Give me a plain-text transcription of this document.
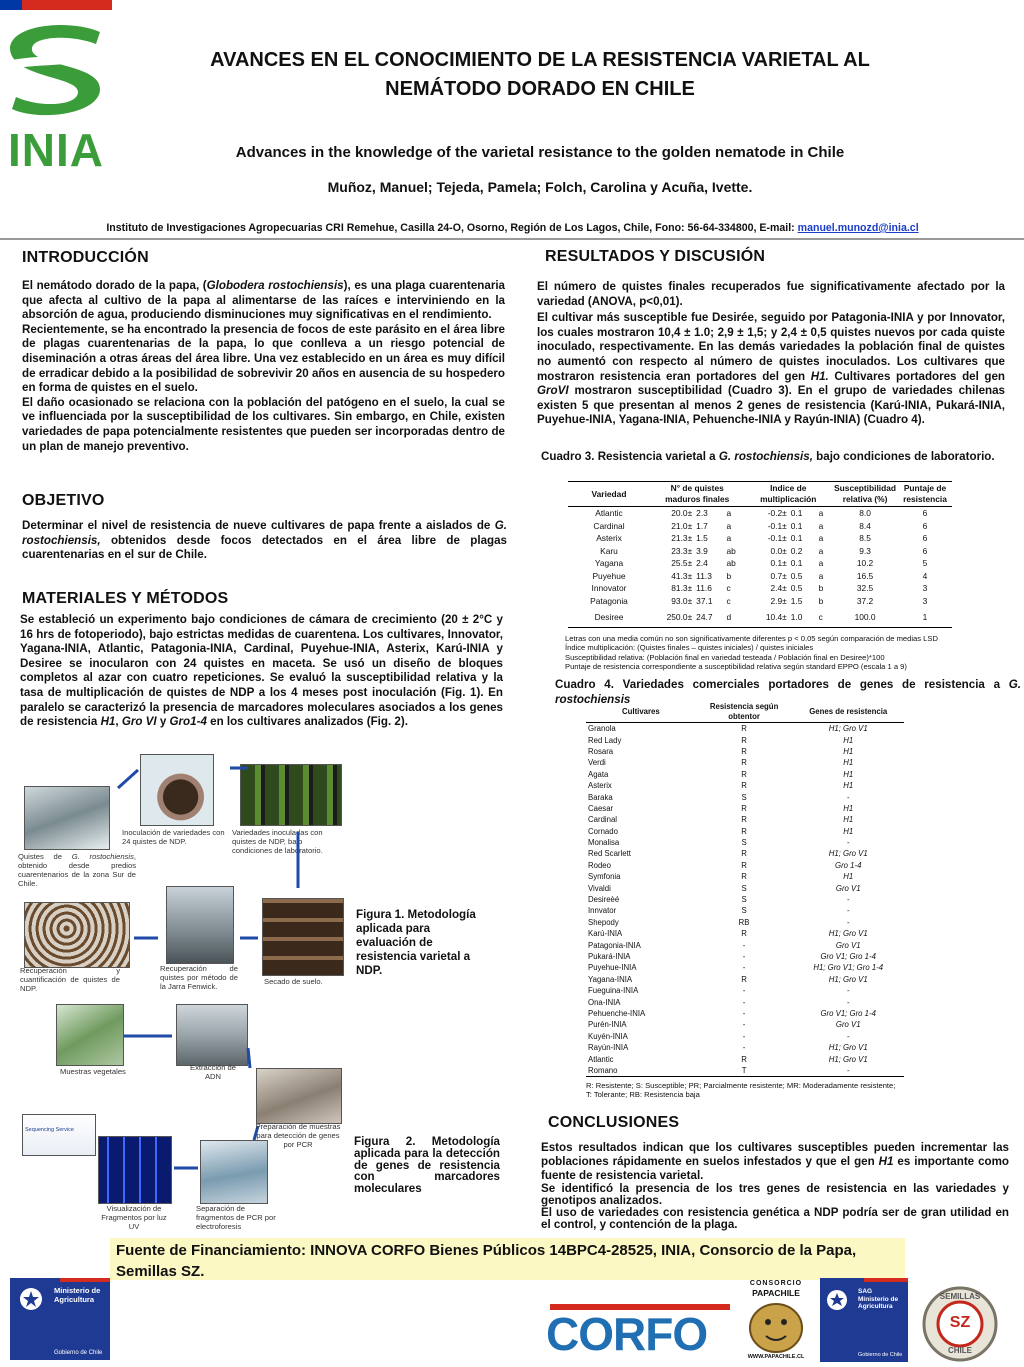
INIA
AVANCES EN EL CONOCIMIENTO DE LA RESISTENCIA VARIETAL AL
NEMÁTODO DORADO EN CHILE
Advances in the knowledge of the varietal resistance to the golden nematode in Chile
Muñoz, Manuel; Tejeda, Pamela; Folch, Carolina y Acuña, Ivette.
Instituto de Investigaciones Agropecuarias CRI Remehue, Casilla 24-O, Osorno, Región de Los Lagos, Chile, Fono: 56-64-334800, E-mail: manuel.munozd@inia.cl
INTRODUCCIÓN

El nemátodo dorado de la papa, (Globodera rostochiensis), es una plaga cuarentenaria que afecta al cultivo de la papa al alimentarse de las raíces e interviniendo en la absorción de agua, produciendo disminuciones muy significativas en el rendimiento.

Recientemente, se ha encontrado la presencia de focos de este parásito en el área libre de plagas cuarentenarias de la papa, lo que conlleva a un riesgo potencial de diseminación a otras áreas del área libre. Una vez establecido en un área es muy difícil de erradicar debido a la posibilidad de sobrevivir 20 años en ausencia de su hospedero en forma de quistes en el suelo.

El daño ocasionado se relaciona con la población del patógeno en el suelo, la cual se ve influenciada por la susceptibilidad de los cultivares. Sin embargo, en Chile, existen variedades de papa potencialmente resistentes que pueden ser incorporadas dentro de un plan de manejo preventivo.

OBJETIVO
Determinar el nivel de resistencia de nueve cultivares de papa frente a aislados de G. rostochiensis, obtenidos desde focos detectados en el área libre de plagas cuarentenarias en el sur de Chile.
MATERIALES Y MÉTODOS
Se estableció un experimento bajo condiciones de cámara de crecimiento (20 ± 2°C y 16 hrs de fotoperiodo), bajo estrictas medidas de cuarentena. Los cultivares, Innovator, Yagana-INIA, Atlantic, Patagonia-INIA, Cardinal, Puyehue-INIA, Asterix, Karú-INIA y Desiree se inocularon con 24 quistes en maceta. Se usó un diseño de bloques completos al azar con cuatro repeticiones. Se evaluó la susceptibilidad relativa y la tasa de multiplicación de quistes de NDP a los 4 meses post inoculación (Fig. 1). En paralelo se caracterizó la presencia de marcadores moleculares asociados a los genes de resistencia H1, Gro VI y Gro1-4 en los cultivares analizados (Fig. 2).
Sequencing Service
Inoculación de variedades con 24 quistes de NDP.
Variedades inoculadas con quistes de NDP, bajo condiciones de laboratorio.
Quistes de G. rostochiensis, obtenido desde predios cuarentenarios de la zona Sur de Chile.
Recuperación y cuantificación de quistes de NDP.
Recuperación de quistes por método de la Jarra Fenwick.
Secado de suelo.
Muestras vegetales	Extracción de ADN
Preparación de muestras para detección de genes por PCR
Visualización de Fragmentos por luz UV
Separación de fragmentos de PCR por electroforesis
Figura 1. Metodología aplicada para evaluación de resistencia varietal a NDP.
Figura 2. Metodología aplicada para la detección de genes de resistencia con marcadores moleculares
RESULTADOS Y DISCUSIÓN

El número de quistes finales recuperados fue significativamente afectado por la variedad (ANOVA, p<0,01).

El cultivar más susceptible fue Desirée, seguido por Patagonia-INIA y por Innovator, los cuales mostraron 10,4 ± 1.0; 2,9 ± 1,5; y 2,4 ± 0,5 quistes nuevos por cada quiste inoculado, respectivamente. En las demás variedades la población final de quistes no aumentó con respecto al número de quistes inoculados. Los cultivares que mostraron resistencia eran portadores del gen H1. Cultivares portadores del gen GroVI mostraron susceptibilidad (Cuadro 3). En el grupo de variedades chilenas existen 5 que presentan al menos 2 genes de resistencia (Karú-INIA, Pukará-INIA, Puyehue-INIA, Yagana-INIA, Pehuenche-INIA y Rayún-INIA) (Cuadro 4).

Cuadro 3. Resistencia varietal a G. rostochiensis, bajo condiciones de laboratorio.
Variedad	N° de quistes maduros finales			Indice de multiplicación			Susceptibilidad relativa (%)	Puntaje de resistencia
Atlantic	20.0±	2.3	a	-0.2±	0.1	a	8.0	6
Cardinal	21.0±	1.7	a	-0.1±	0.1	a	8.4	6
Asterix	21.3±	1.5	a	-0.1±	0.1	a	8.5	6
Karu	23.3±	3.9	ab	0.0±	0.2	a	9.3	6
Yagana	25.5±	2.4	ab	0.1±	0.1	a	10.2	5
Puyehue	41.3±	11.3	b	0.7±	0.5	a	16.5	4
Innovator	81.3±	11.6	c	2.4±	0.5	b	32.5	3
Patagonia	93.0±	37.1	c	2.9±	1.5	b	37.2	3
Desiree	250.0±	24.7	d	10.4±	1.0	c	100.0	1
Letras con una media común no son significativamente diferentes p < 0.05 según comparación de medias LSD
Índice multiplicación: (Quistes finales – quistes iniciales) / quistes iniciales
Susceptibilidad relativa: (Población final en variedad testeada / Población final en Desiree)*100
Puntaje de resistencia correspondiente a susceptibilidad relativa según standard EPPO (escala 1 a 9)
Cuadro 4. Variedades comerciales portadores de genes de resistencia a G. rostochiensis
Cultivares	Resistencia según obtentor	Genes de resistencia
Granola	R	H1; Gro V1
Red Lady	R	H1
Rosara	R	H1
Verdi	R	H1
Agata	R	H1
Asterix	R	H1
Baraka	S	-
Caesar	R	H1
Cardinal	R	H1
Cornado	R	H1
Monalisa	S	-
Red Scarlett	R	H1; Gro V1
Rodeo	R	Gro 1-4
Symfonia	R	H1
Vivaldi	S	Gro V1
Desireèé	S	-
Innvator	S	-
Shepody	RB	-
Karú-INIA	R	H1; Gro V1
Patagonia-INIA	-	Gro V1
Pukará-INIA	-	Gro V1; Gro 1-4
Puyehue-INIA	-	H1; Gro V1; Gro 1-4
Yagana-INIA	R	H1; Gro V1
Fueguina-INIA	-	-
Ona-INIA	-	-
Pehuenche-INIA	-	Gro V1; Gro 1-4
Purén-INIA	-	Gro V1
Kuyén-INIA	-	-
Rayún-INIA	-	H1; Gro V1
Atlantic	R	H1; Gro V1
Romano	T	-
R: Resistente; S: Susceptible; PR; Parcialmente resistente; MR: Moderadamente resistente; T: Tolerante; RB: Resistencia baja
CONCLUSIONES

Estos resultados indican que los cultivares susceptibles pueden incrementar las poblaciones rápidamente en suelos infestados y que el gen H1 es importante como fuente de resistencia varietal.

Se identificó la presencia de los tres genes de resistencia en las variedades y genotipos analizados.

El uso de variedades con resistencia genética a NDP podría ser de gran utilidad en el control, y contención de la plaga.

Fuente de Financiamiento: INNOVA CORFO Bienes Públicos 14BPC4-28525, INIA, Consorcio de la Papa, Semillas SZ.
Ministerio de
Agricultura
Gobierno de Chile	CORFO
CONSORCIO
PAPACHILE
WWW.PAPACHILE.CL
SAG
Ministerio de
Agricultura
Gobierno de Chile
SEMILLAS
SZ
CHILE
